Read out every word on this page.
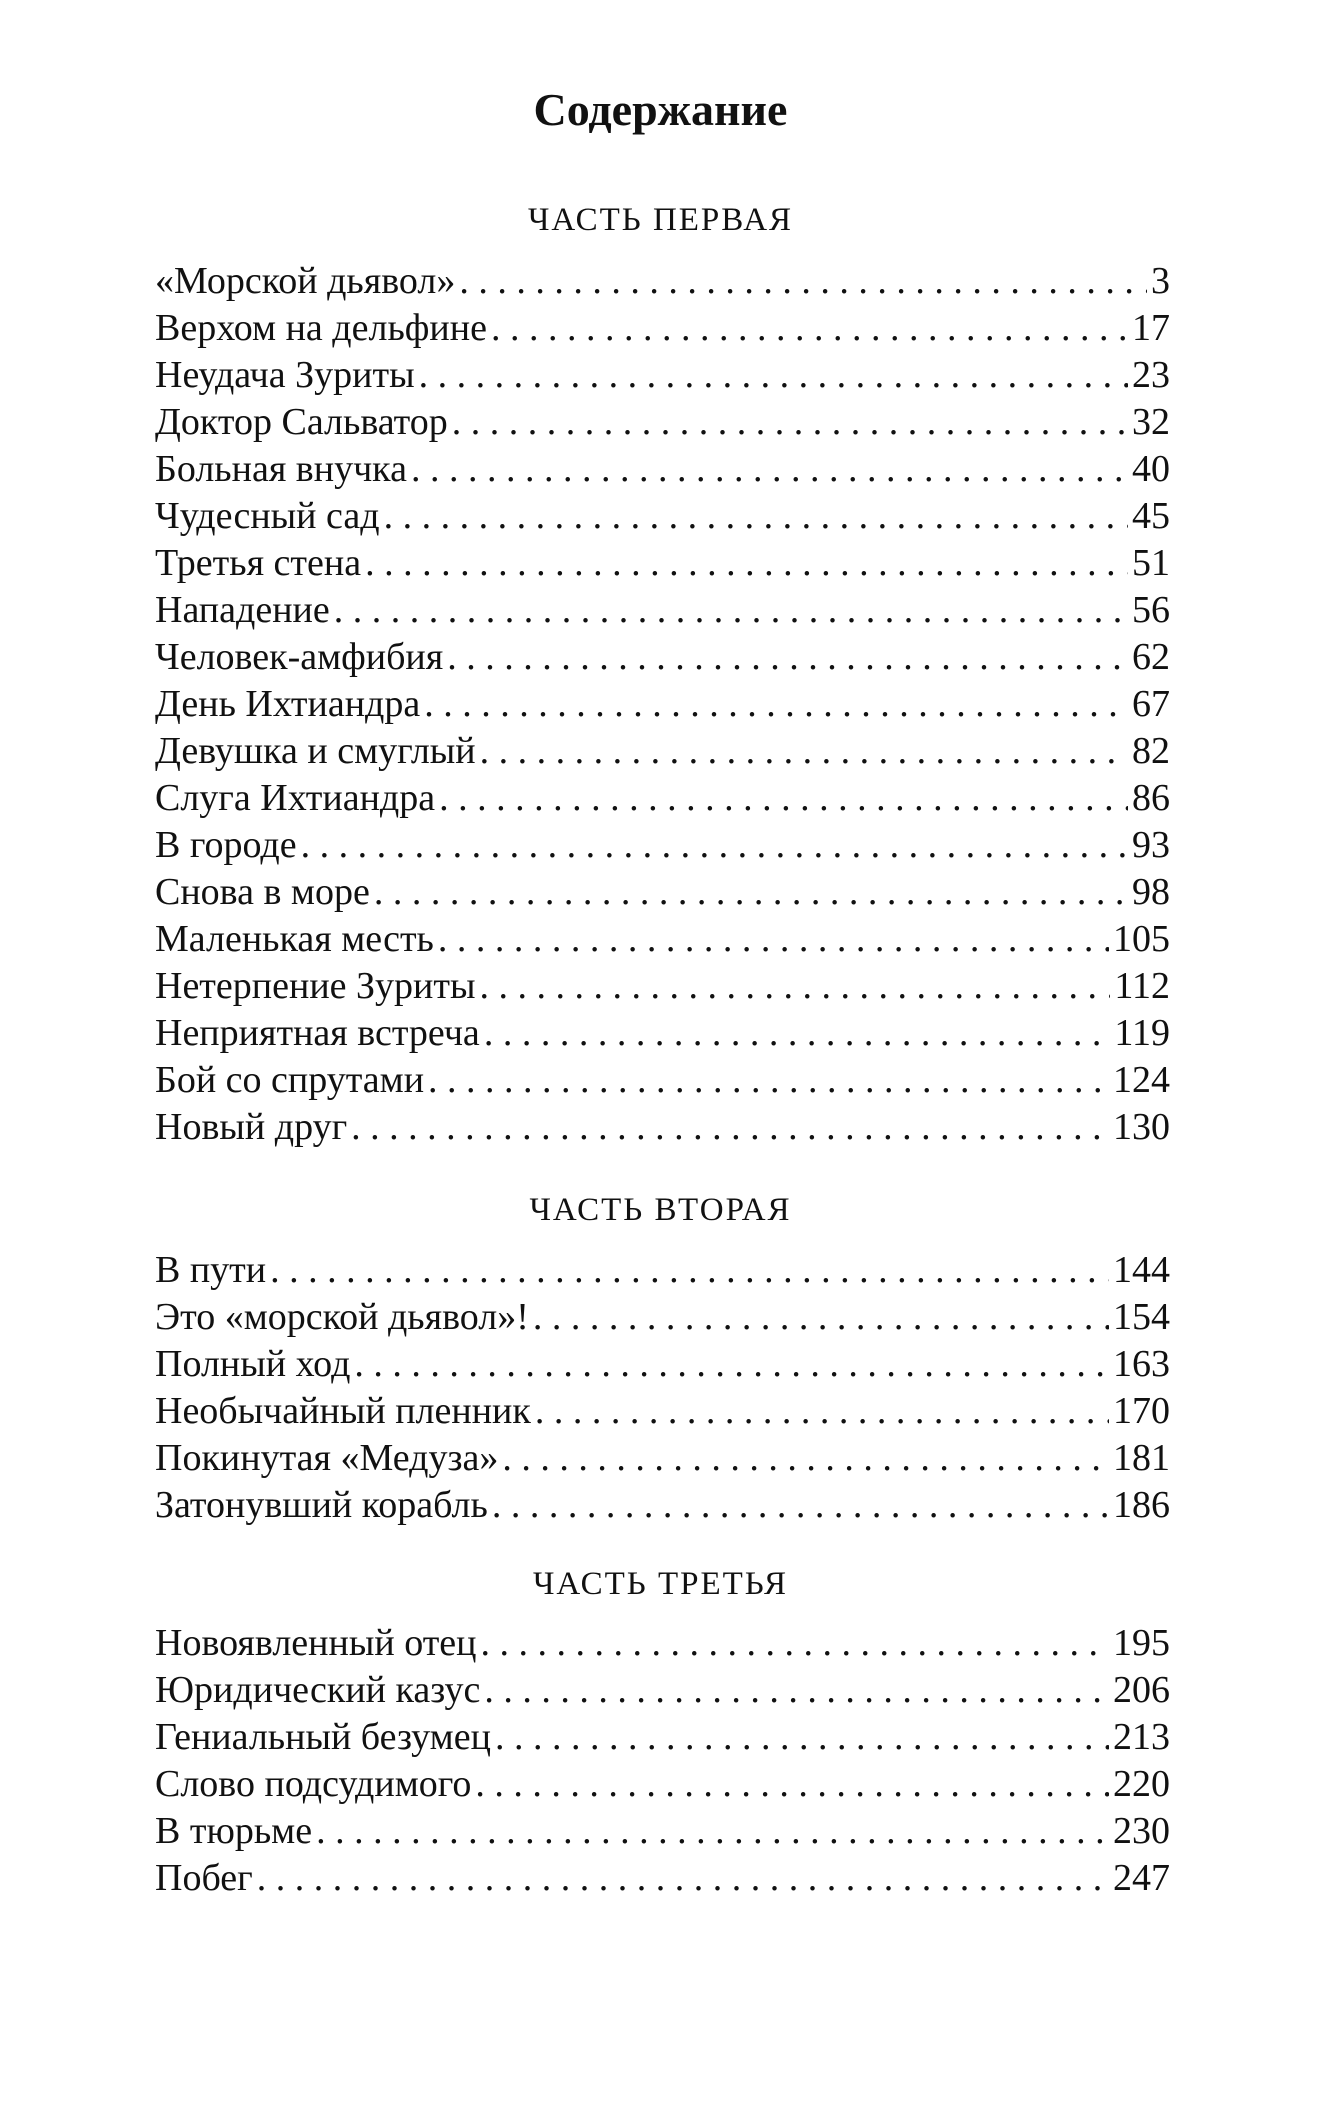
Содержание
ЧАСТЬ ПЕРВАЯ
«Морской дьявол» . . .	3
Верхом на дельфине . . .	17
Неудача Зуриты . . .	23
Доктор Сальватор . . .	32
Больная внучка . . .	40
Чудесный сад . . .	45
Третья стена . . .	51
Нападение . . .	56
Человек-амфибия . . .	62
День Ихтиандра . . .	67
Девушка и смуглый . . .	82
Слуга Ихтиандра . . .	86
В городе . . .	93
Снова в море . . .	98
Маленькая месть . . .	105
Нетерпение Зуриты . . .	112
Неприятная встреча . . .	119
Бой со спрутами . . .	124
Новый друг . . .	130
ЧАСТЬ ВТОРАЯ
В пути . . .	144
Это «морской дьявол»! . . .	154
Полный ход . . .	163
Необычайный пленник . . .	170
Покинутая «Медуза» . . .	181
Затонувший корабль . . .	186
ЧАСТЬ ТРЕТЬЯ
Новоявленный отец . . .	195
Юридический казус . . .	206
Гениальный безумец . . .	213
Слово подсудимого . . .	220
В тюрьме . . .	230
Побег . . .	247
